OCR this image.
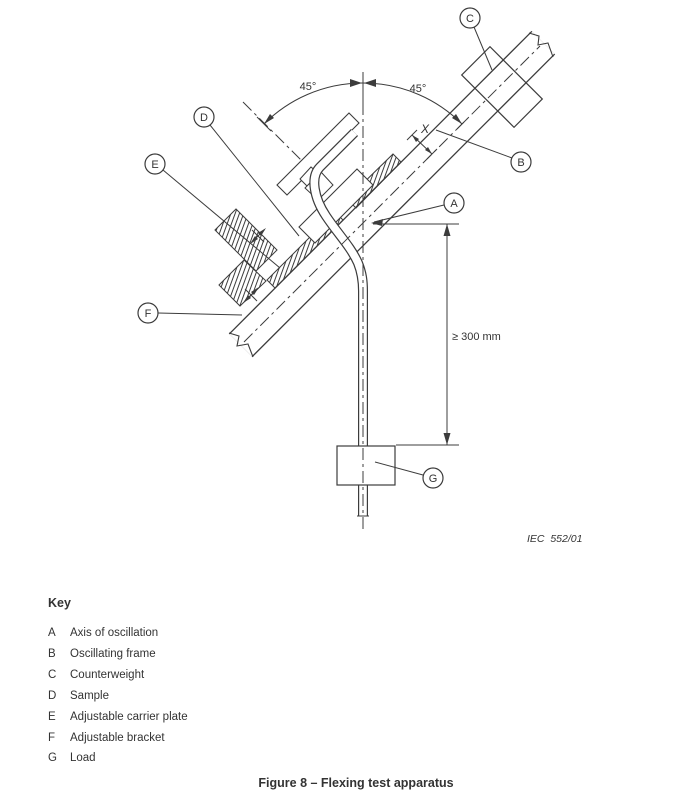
45°	45°
X
≥ 300 mm
A
B
C
D
E
F
G
IEC  552/01

Key

A	Axis of oscillation
B	Oscillating frame
C	Counterweight
D	Sample
E	Adjustable carrier plate
F	Adjustable bracket
G	Load
Figure 8 – Flexing test apparatus
